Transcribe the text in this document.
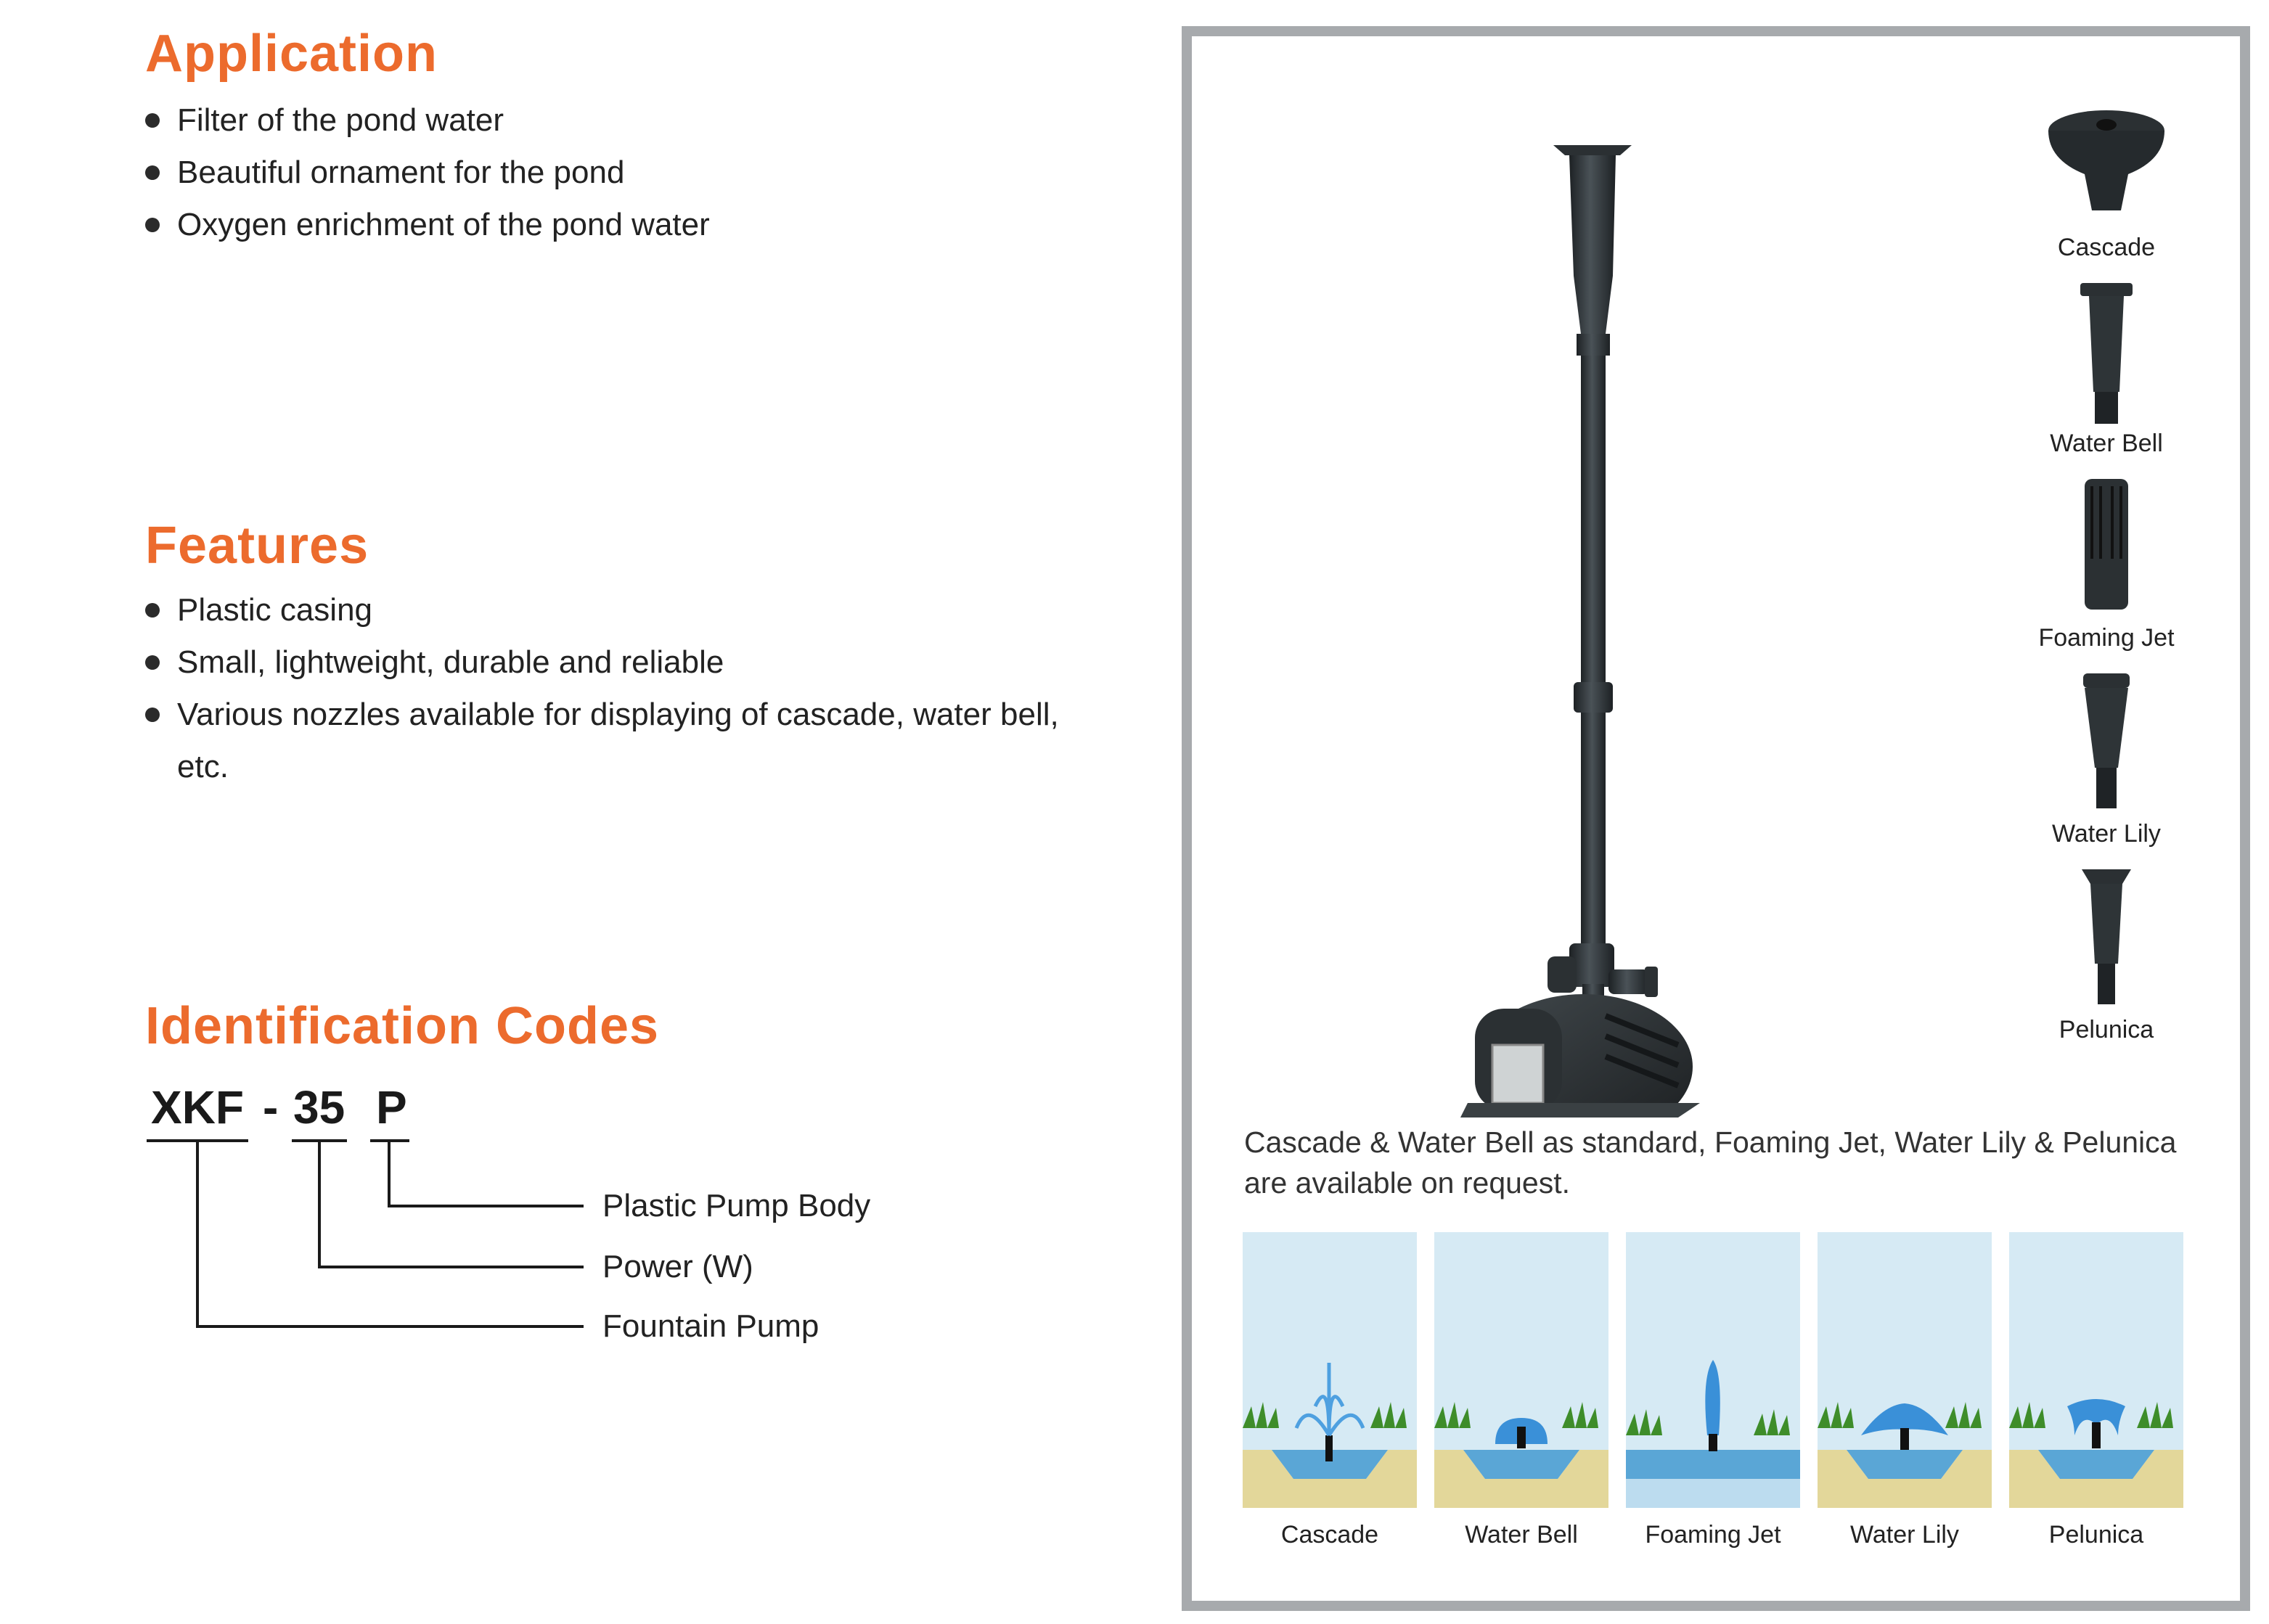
Application
Filter of the pond water
Beautiful ornament for the pond
Oxygen enrichment of the pond water
Features
Plastic casing
Small, lightweight, durable and reliable
Various nozzles available for displaying of cascade, water bell, etc.
Identification Codes
XKF - 35 P
Plastic Pump Body
Power (W)
Fountain Pump
Cascade
Water Bell
Foaming Jet
Water Lily
Pelunica
Cascade & Water Bell as standard, Foaming Jet, Water Lily & Pelunica are available on request.
Cascade	Water Bell	Foaming Jet	Water Lily	Pelunica
